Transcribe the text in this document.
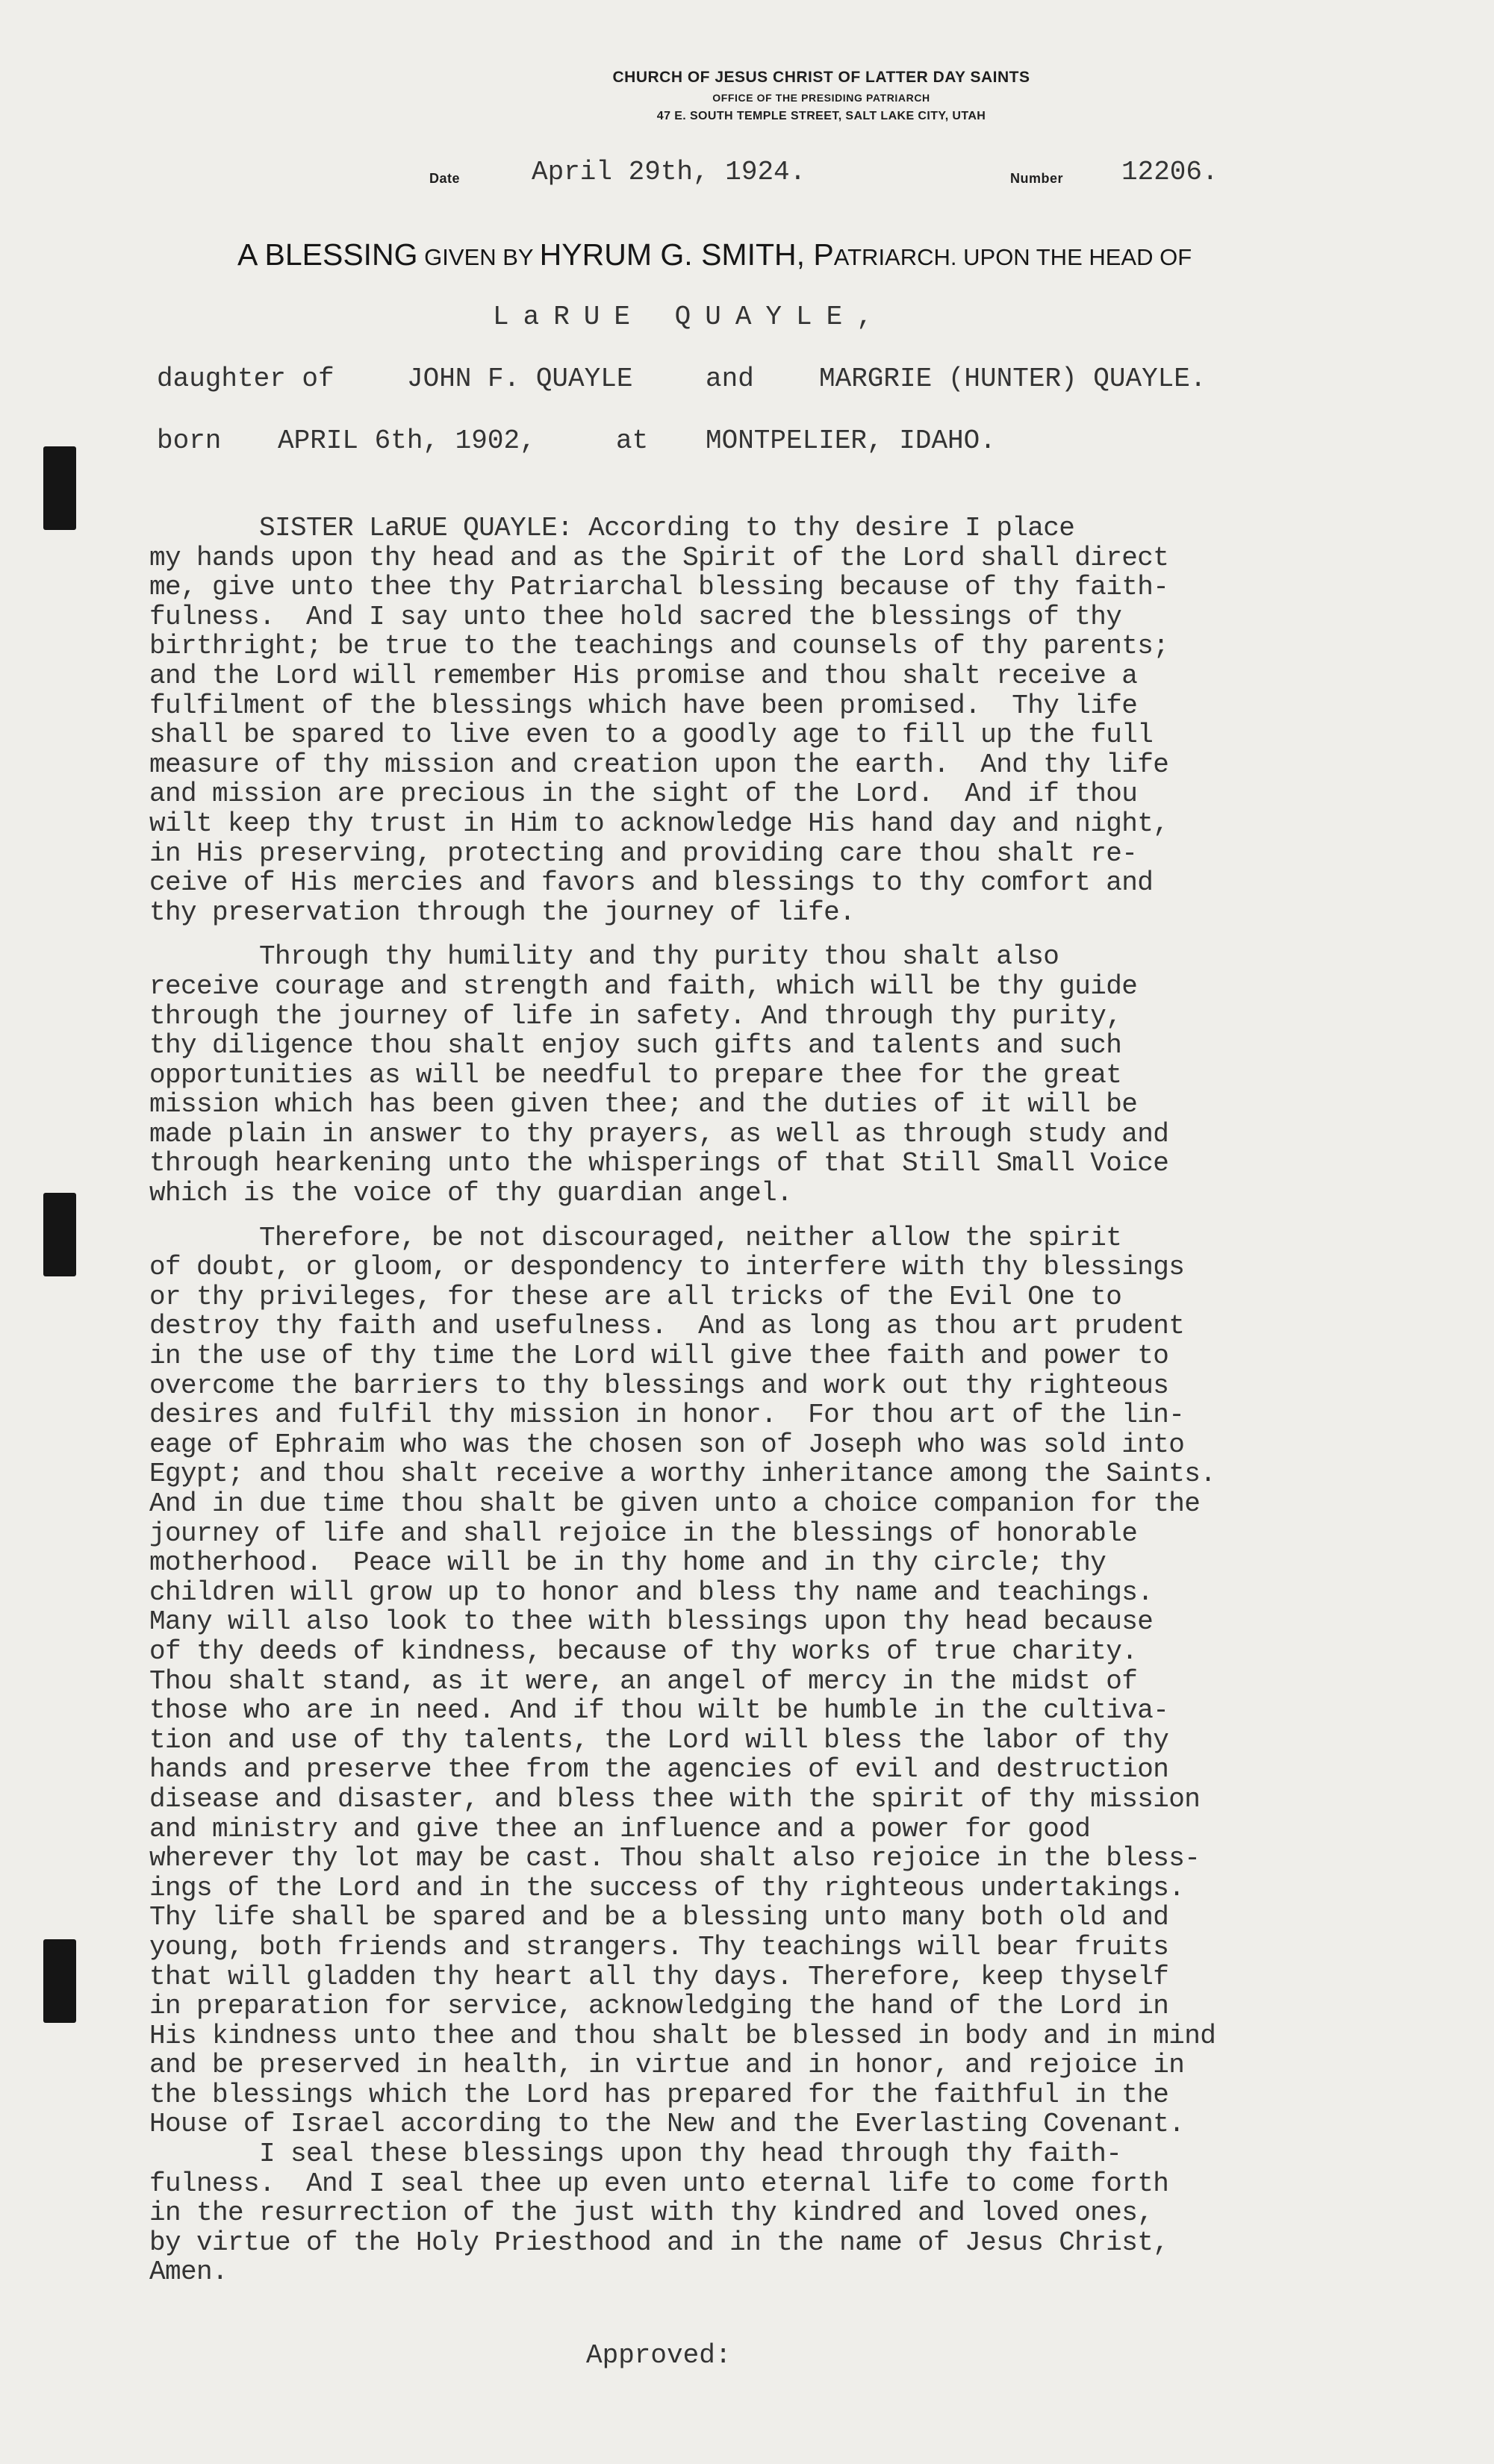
CHURCH OF JESUS CHRIST OF LATTER DAY SAINTS
OFFICE OF THE PRESIDING PATRIARCH
47 E. SOUTH TEMPLE STREET, SALT LAKE CITY, UTAH
Date	April 29th, 1924.	Number 12206.
A BLESSING GIVEN BY HYRUM G. SMITH, PATRIARCH. UPON THE HEAD OF
LaRUE QUAYLE,
daughter of	JOHN F. QUAYLE	and MARGRIE (HUNTER) QUAYLE.
born APRIL 6th, 1902,	at MONTPELIER, IDAHO.
SISTER LaRUE QUAYLE: According to thy desire I place
my hands upon thy head and as the Spirit of the Lord shall direct
me, give unto thee thy Patriarchal blessing because of thy faith-
fulness.  And I say unto thee hold sacred the blessings of thy
birthright; be true to the teachings and counsels of thy parents;
and the Lord will remember His promise and thou shalt receive a
fulfilment of the blessings which have been promised.  Thy life
shall be spared to live even to a goodly age to fill up the full
measure of thy mission and creation upon the earth.  And thy life
and mission are precious in the sight of the Lord.  And if thou
wilt keep thy trust in Him to acknowledge His hand day and night,
in His preserving, protecting and providing care thou shalt re-
ceive of His mercies and favors and blessings to thy comfort and
thy preservation through the journey of life.

Through thy humility and thy purity thou shalt also
receive courage and strength and faith, which will be thy guide
through the journey of life in safety. And through thy purity,
thy diligence thou shalt enjoy such gifts and talents and such
opportunities as will be needful to prepare thee for the great
mission which has been given thee; and the duties of it will be
made plain in answer to thy prayers, as well as through study and
through hearkening unto the whisperings of that Still Small Voice
which is the voice of thy guardian angel.

Therefore, be not discouraged, neither allow the spirit
of doubt, or gloom, or despondency to interfere with thy blessings
or thy privileges, for these are all tricks of the Evil One to
destroy thy faith and usefulness.  And as long as thou art prudent
in the use of thy time the Lord will give thee faith and power to
overcome the barriers to thy blessings and work out thy righteous
desires and fulfil thy mission in honor.  For thou art of the lin-
eage of Ephraim who was the chosen son of Joseph who was sold into
Egypt; and thou shalt receive a worthy inheritance among the Saints.
And in due time thou shalt be given unto a choice companion for the
journey of life and shall rejoice in the blessings of honorable
motherhood.  Peace will be in thy home and in thy circle; thy
children will grow up to honor and bless thy name and teachings.
Many will also look to thee with blessings upon thy head because
of thy deeds of kindness, because of thy works of true charity.
Thou shalt stand, as it were, an angel of mercy in the midst of
those who are in need. And if thou wilt be humble in the cultiva-
tion and use of thy talents, the Lord will bless the labor of thy
hands and preserve thee from the agencies of evil and destruction
disease and disaster, and bless thee with the spirit of thy mission
and ministry and give thee an influence and a power for good
wherever thy lot may be cast. Thou shalt also rejoice in the bless-
ings of the Lord and in the success of thy righteous undertakings.
Thy life shall be spared and be a blessing unto many both old and
young, both friends and strangers. Thy teachings will bear fruits
that will gladden thy heart all thy days. Therefore, keep thyself
in preparation for service, acknowledging the hand of the Lord in
His kindness unto thee and thou shalt be blessed in body and in mind
and be preserved in health, in virtue and in honor, and rejoice in
the blessings which the Lord has prepared for the faithful in the
House of Israel according to the New and the Everlasting Covenant.
I seal these blessings upon thy head through thy faith-
fulness.  And I seal thee up even unto eternal life to come forth
in the resurrection of the just with thy kindred and loved ones,
by virtue of the Holy Priesthood and in the name of Jesus Christ,
Amen.
Approved:
